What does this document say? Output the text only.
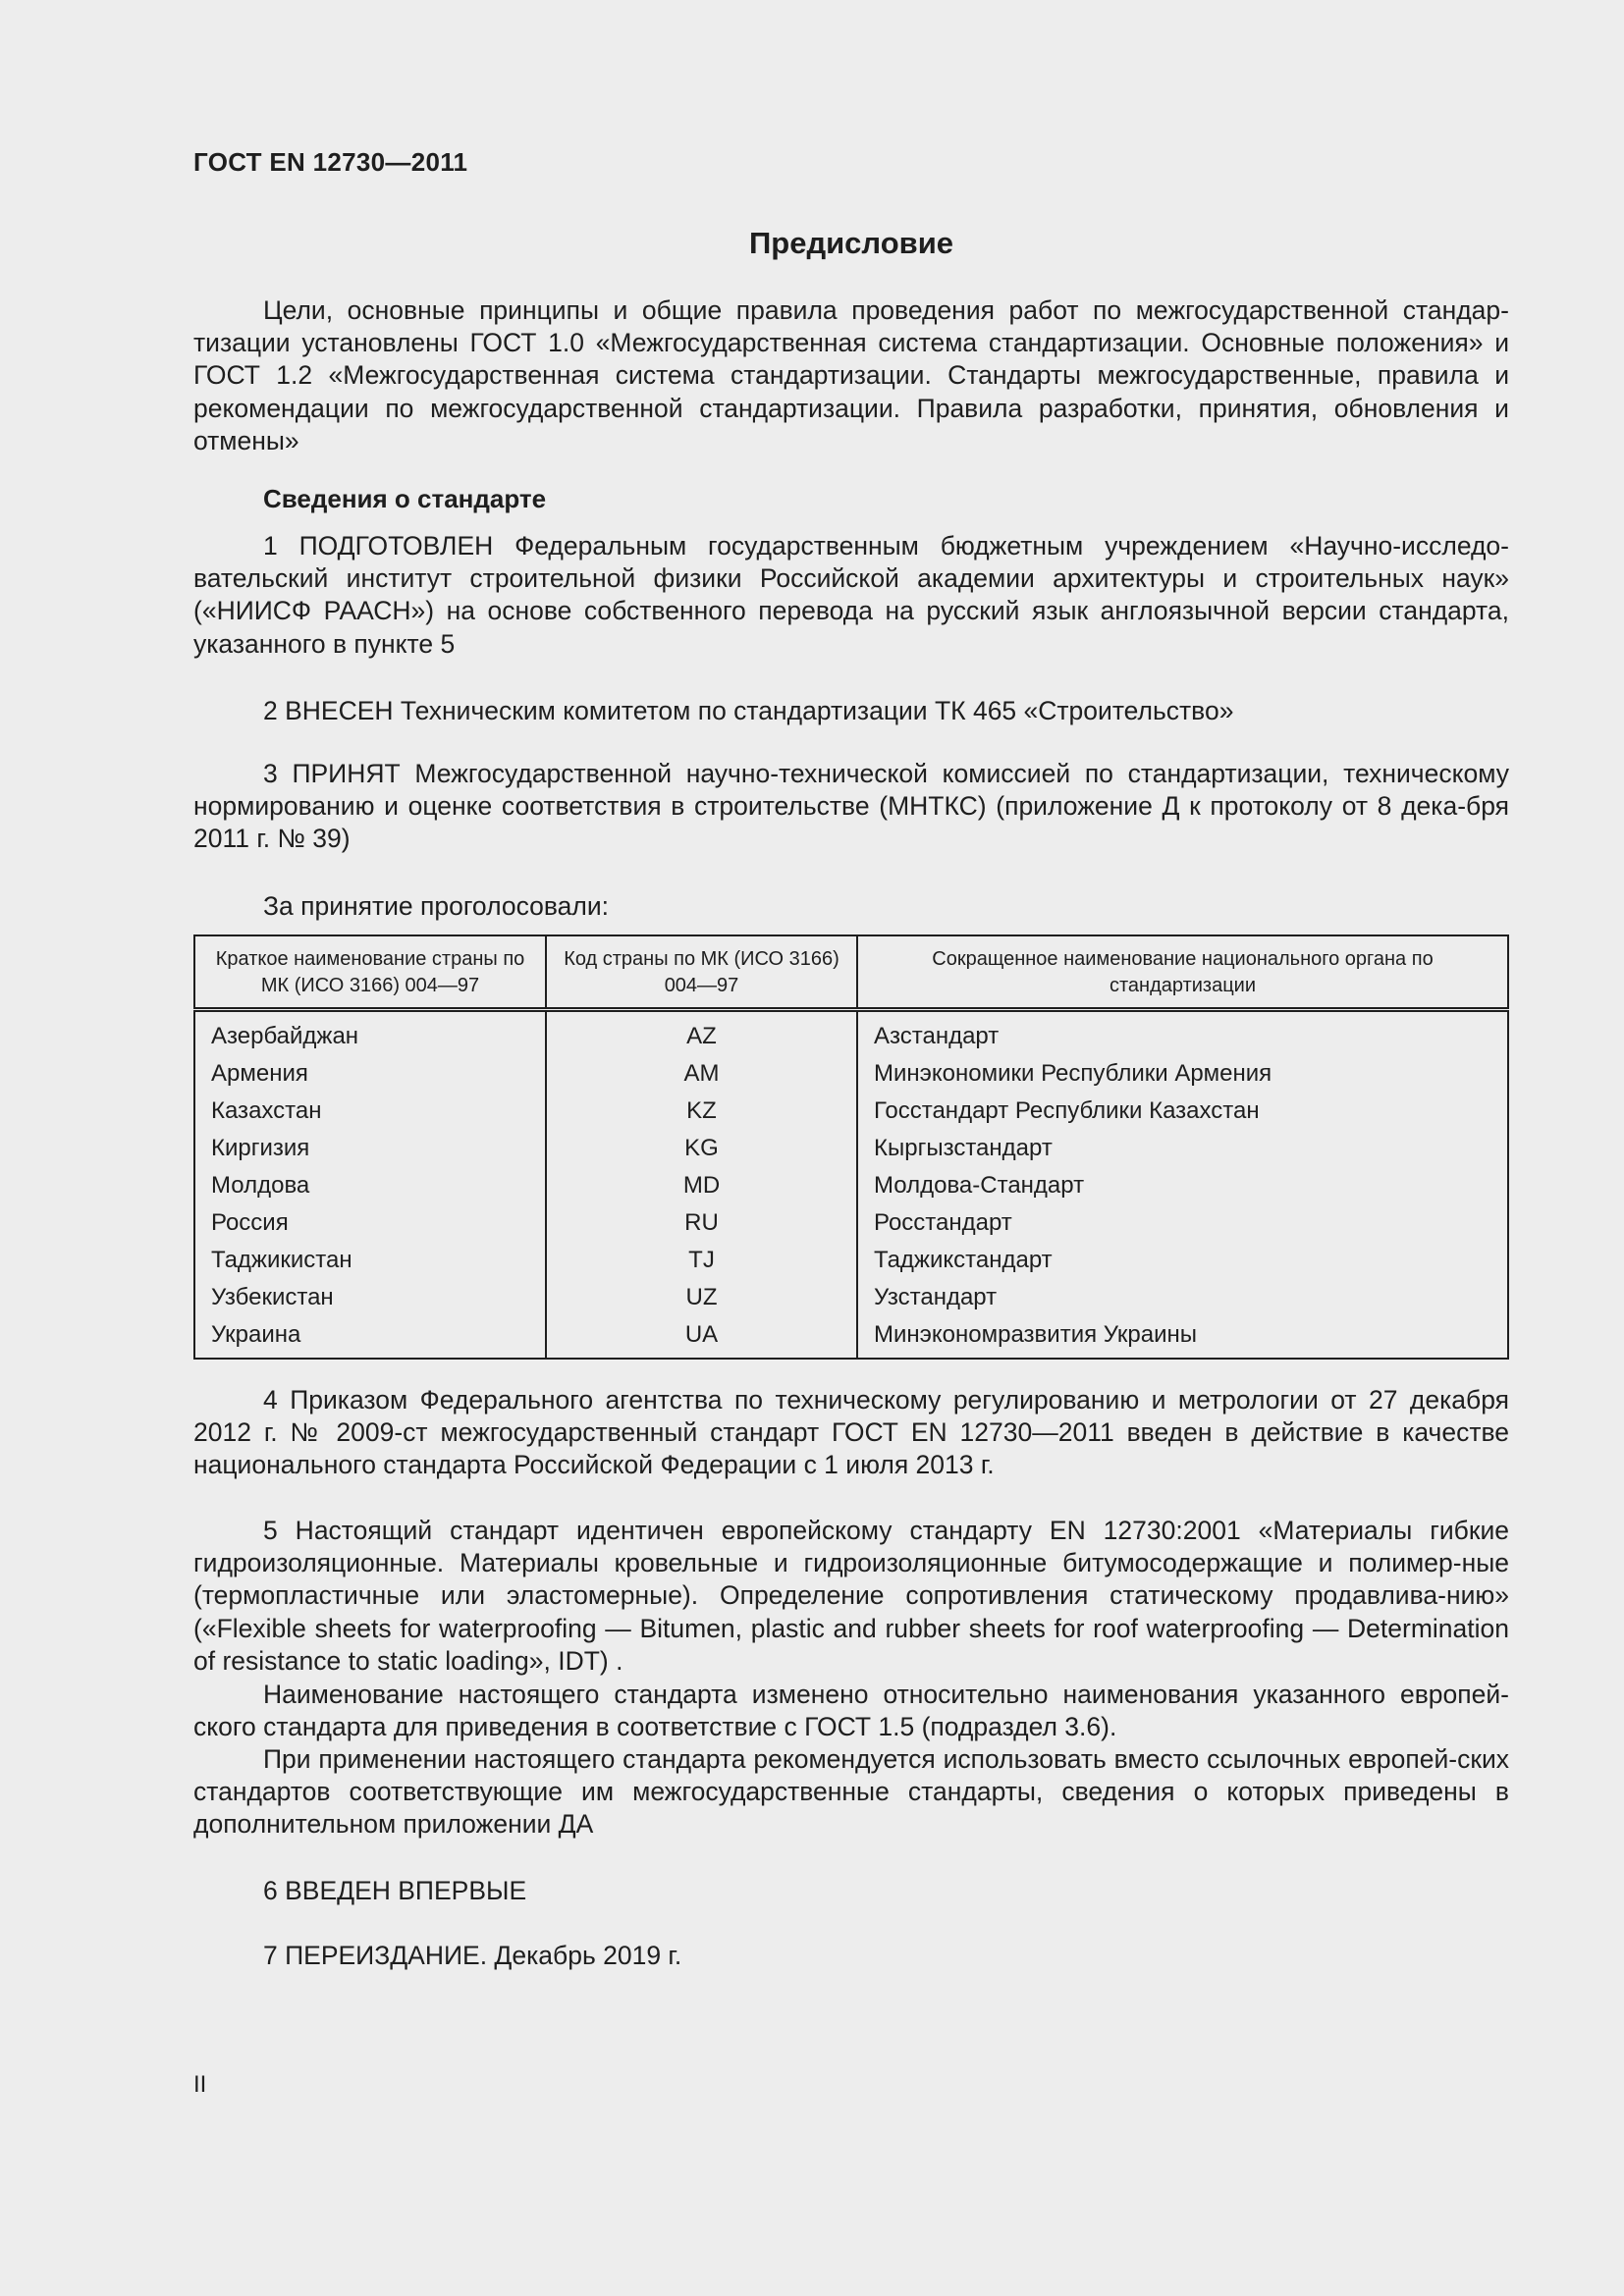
ГОСТ EN 12730—2011
Предисловие

Цели, основные принципы и общие правила проведения работ по межгосударственной стандар-тизации установлены ГОСТ 1.0 «Межгосударственная система стандартизации. Основные положения» и ГОСТ 1.2 «Межгосударственная система стандартизации. Стандарты межгосударственные, правила и рекомендации по межгосударственной стандартизации. Правила разработки, принятия, обновления и отмены»

Сведения о стандарте

1 ПОДГОТОВЛЕН Федеральным государственным бюджетным учреждением «Научно-исследо-вательский институт строительной физики Российской академии архитектуры и строительных наук» («НИИСФ РААСН») на основе собственного перевода на русский язык англоязычной версии стандарта, указанного в пункте 5

2 ВНЕСЕН Техническим комитетом по стандартизации ТК 465 «Строительство»

3 ПРИНЯТ Межгосударственной научно-технической комиссией по стандартизации, техническому нормированию и оценке соответствия в строительстве (МНТКС) (приложение Д к протоколу от 8 дека-бря 2011 г. № 39)

За принятие проголосовали:

Краткое наименование страны по МК (ИСО 3166) 004—97	Код страны по МК (ИСО 3166) 004—97	Сокращенное наименование национального органа по стандартизации
Азербайджан	AZ	Азстандарт
Армения	AM	Минэкономики Республики Армения
Казахстан	KZ	Госстандарт Республики Казахстан
Киргизия	KG	Кыргызстандарт
Молдова	MD	Молдова-Стандарт
Россия	RU	Росстандарт
Таджикистан	TJ	Таджикстандарт
Узбекистан	UZ	Узстандарт
Украина	UA	Минэкономразвития Украины

4 Приказом Федерального агентства по техническому регулированию и метрологии от 27 декабря 2012 г. № 2009-ст межгосударственный стандарт ГОСТ EN 12730—2011 введен в действие в качестве национального стандарта Российской Федерации с 1 июля 2013 г.

5 Настоящий стандарт идентичен европейскому стандарту EN 12730:2001 «Материалы гибкие гидроизоляционные. Материалы кровельные и гидроизоляционные битумосодержащие и полимер-ные (термопластичные или эластомерные). Определение сопротивления статическому продавлива-нию» («Flexible sheets for waterproofing — Bitumen, plastic and rubber sheets for roof waterproofing — Determination of resistance to static loading», IDT) .

Наименование настоящего стандарта изменено относительно наименования указанного европей-ского стандарта для приведения в соответствие с ГОСТ 1.5 (подраздел 3.6).

При применении настоящего стандарта рекомендуется использовать вместо ссылочных европей-ских стандартов соответствующие им межгосударственные стандарты, сведения о которых приведены в дополнительном приложении ДА

6 ВВЕДЕН ВПЕРВЫЕ

7 ПЕРЕИЗДАНИЕ. Декабрь 2019 г.

II
